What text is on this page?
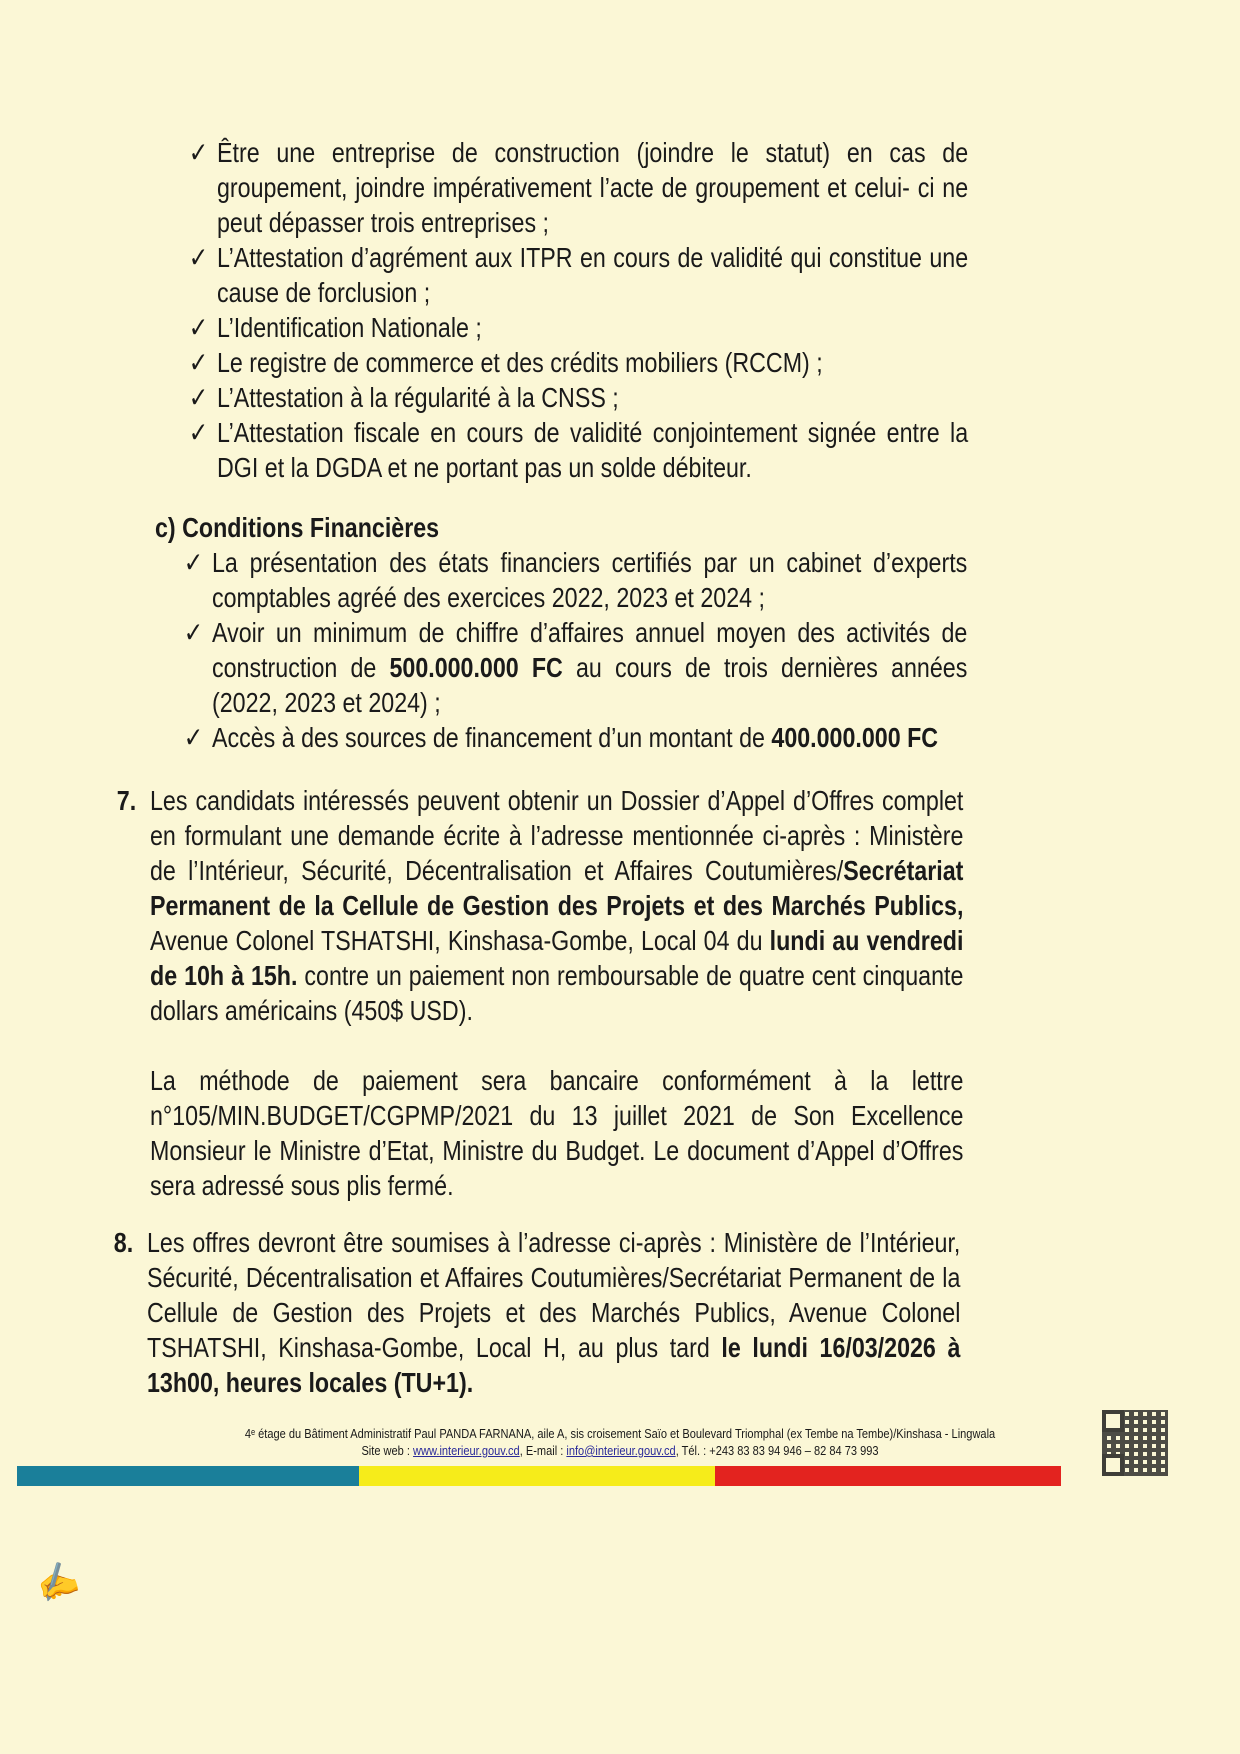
✓ Être une entreprise de construction (joindre le statut) en cas de groupement, joindre impérativement l’acte de groupement et celui- ci ne peut dépasser trois entreprises ;
✓ L’Attestation d’agrément aux ITPR en cours de validité qui constitue une cause de forclusion ;
✓ L’Identification Nationale ;
✓ Le registre de commerce et des crédits mobiliers (RCCM) ;
✓ L’Attestation à la régularité à la CNSS ;
✓ L’Attestation fiscale en cours de validité conjointement signée entre la DGI et la DGDA et ne portant pas un solde débiteur.
c) Conditions Financières
✓ La présentation des états financiers certifiés par un cabinet d’experts comptables agréé des exercices 2022, 2023 et 2024 ;
✓ Avoir un minimum de chiffre d’affaires annuel moyen des activités de construction de 500.000.000 FC au cours de trois dernières années (2022, 2023 et 2024) ;
✓ Accès à des sources de financement d’un montant de 400.000.000 FC
7. Les candidats intéressés peuvent obtenir un Dossier d’Appel d’Offres complet en formulant une demande écrite à l’adresse mentionnée ci-après : Ministère de l’Intérieur, Sécurité, Décentralisation et Affaires Coutumières/Secrétariat Permanent de la Cellule de Gestion des Projets et des Marchés Publics, Avenue Colonel TSHATSHI, Kinshasa-Gombe, Local 04 du lundi au vendredi de 10h à 15h. contre un paiement non remboursable de quatre cent cinquante dollars américains (450$ USD).
La méthode de paiement sera bancaire conformément à la lettre n°105/MIN.BUDGET/CGPMP/2021 du 13 juillet 2021 de Son Excellence Monsieur le Ministre d’Etat, Ministre du Budget. Le document d’Appel d’Offres sera adressé sous plis fermé.
8. Les offres devront être soumises à l’adresse ci-après : Ministère de l’Intérieur, Sécurité, Décentralisation et Affaires Coutumières/Secrétariat Permanent de la Cellule de Gestion des Projets et des Marchés Publics, Avenue Colonel TSHATSHI, Kinshasa-Gombe, Local H, au plus tard le lundi 16/03/2026 à 13h00, heures locales (TU+1).
✍
4ᵉ étage du Bâtiment Administratif Paul PANDA FARNANA, aile A, sis croisement Saïo et Boulevard Triomphal (ex Tembe na Tembe)/Kinshasa - Lingwala
Site web : www.interieur.gouv.cd, E-mail : info@interieur.gouv.cd, Tél. : +243 83 83 94 946 – 82 84 73 993
